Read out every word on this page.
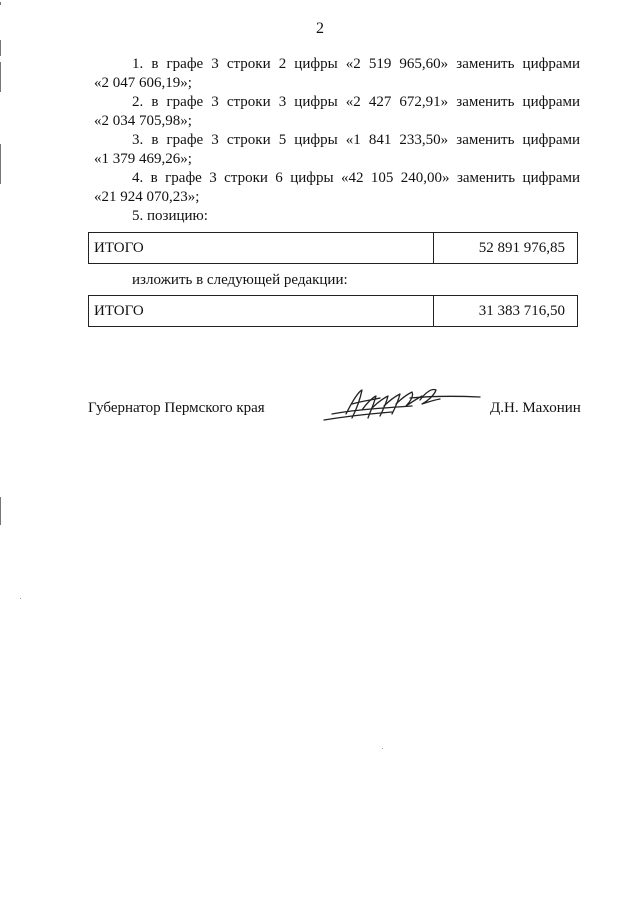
2

1. в графе 3 строки 2 цифры «2 519 965,60» заменить цифрами
«2 047 606,19»;

2. в графе 3 строки 3 цифры «2 427 672,91» заменить цифрами
«2 034 705,98»;

3. в графе 3 строки 5 цифры «1 841 233,50» заменить цифрами
«1 379 469,26»;

4. в графе 3 строки 6 цифры «42 105 240,00» заменить цифрами
«21 924 070,23»;

5. позицию:

ИТОГО	52 891 976,85
изложить в следующей редакции:
ИТОГО	31 383 716,50
Губернатор Пермского края	Д.Н. Махонин
